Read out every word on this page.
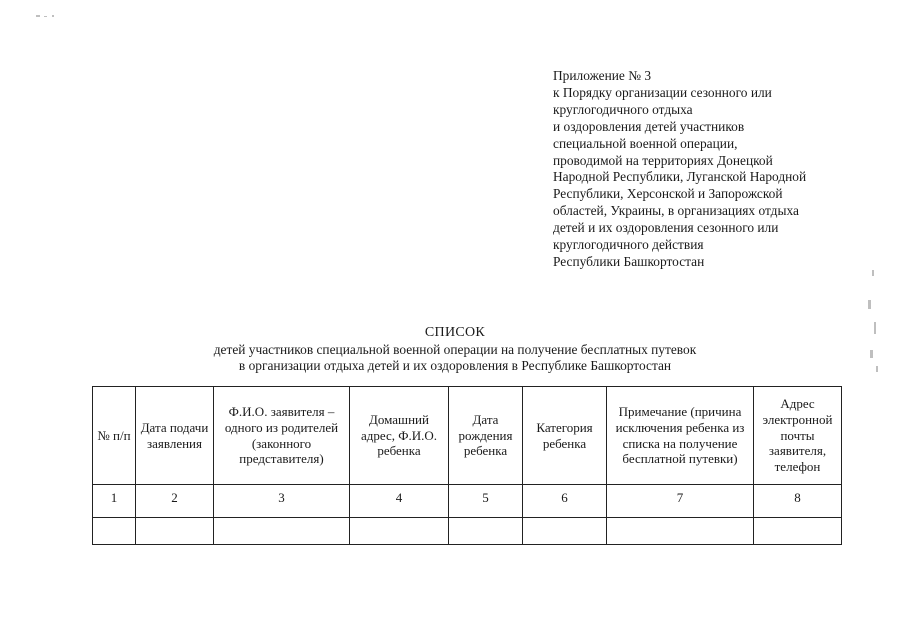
Приложение № 3
к Порядку организации сезонного или
круглогодичного отдыха
и оздоровления детей участников
специальной военной операции,
проводимой на территориях Донецкой
Народной Республики, Луганской Народной
Республики, Херсонской и Запорожской
областей, Украины, в организациях отдыха
детей и их оздоровления сезонного или
круглогодичного действия
Республики Башкортостан
СПИСОК
детей участников специальной военной операции на получение бесплатных путевок
в организации отдыха детей и их оздоровления в Республике Башкортостан
№ п/п	Дата подачи заявления	Ф.И.О. заявителя – одного из родителей (законного представителя)	Домашний адрес, Ф.И.О. ребенка	Дата рождения ребенка	Категория ребенка	Примечание (причина исключения ребенка из списка на получение бесплатной путевки)	Адрес электронной почты заявителя, телефон
1	2	3	4	5	6	7	8
